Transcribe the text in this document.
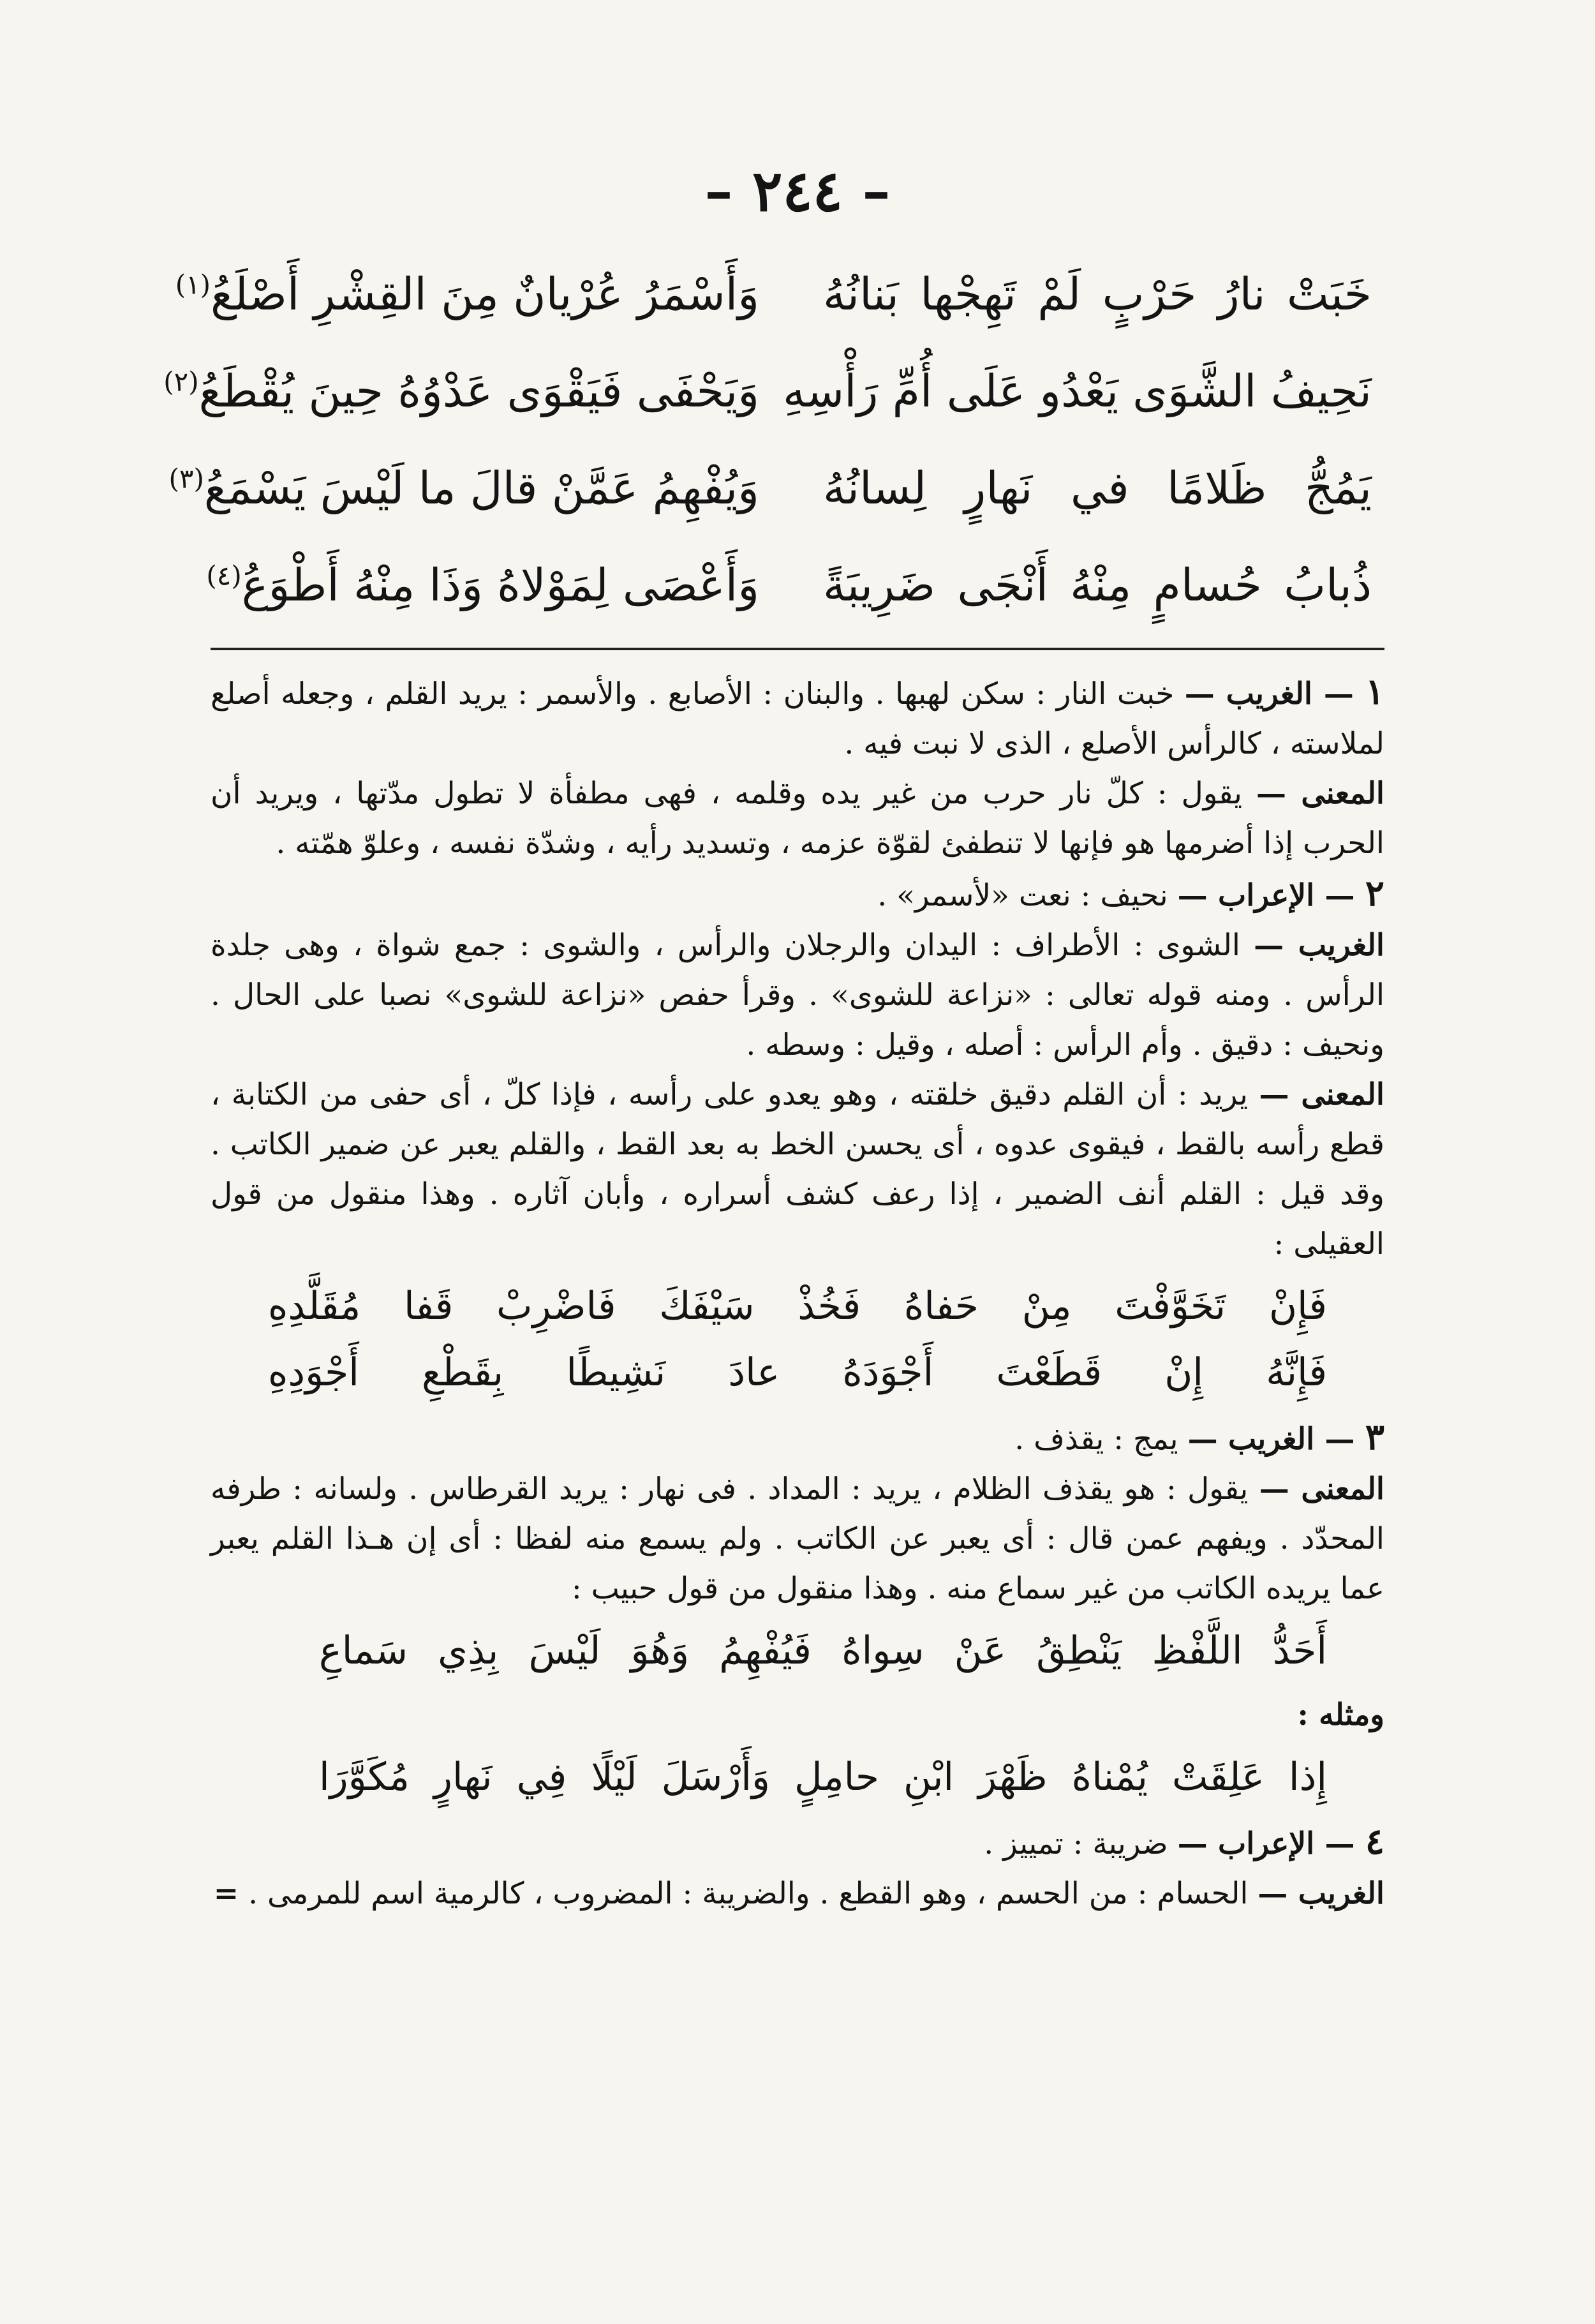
– ٢٤٤ –
خَبَتْ نارُ حَرْبٍ لَمْ تَهِجْها بَنانُهُ
وَأَسْمَرُ عُرْيانٌ مِنَ القِشْرِ أَصْلَعُ$^{(١)}$
نَحِيفُ الشَّوَى يَعْدُو عَلَى أُمِّ رَأْسِهِ
وَيَحْفَى فَيَقْوَى عَدْوُهُ حِينَ يُقْطَعُ$^{(٢)}$
يَمُجُّ ظَلامًا في نَهارٍ لِسانُهُ
وَيُفْهِمُ عَمَّنْ قالَ ما لَيْسَ يَسْمَعُ$^{(٣)}$
ذُبابُ حُسامٍ مِنْهُ أَنْجَى ضَرِيبَةً
وَأَعْصَى لِمَوْلاهُ وَذَا مِنْهُ أَطْوَعُ$^{(٤)}$

١ — الغريب — خبت النار : سكن لهبها . والبنان : الأصابع . والأسمر : يريد القلم ، وجعله أصلع لملاسته ، كالرأس الأصلع ، الذى لا نبت فيه .

المعنى — يقول : كلّ نار حرب من غير يده وقلمه ، فهى مطفأة لا تطول مدّتها ، ويريد أن الحرب إذا أضرمها هو فإنها لا تنطفئ لقوّة عزمه ، وتسديد رأيه ، وشدّة نفسه ، وعلوّ همّته .

٢ — الإعراب — نحيف : نعت «لأسمر» .

الغريب — الشوى : الأطراف : اليدان والرجلان والرأس ، والشوى : جمع شواة ، وهى جلدة الرأس . ومنه قوله تعالى : «نزاعة للشوى» . وقرأ حفص «نزاعة للشوى» نصبا على الحال . ونحيف : دقيق . وأم الرأس : أصله ، وقيل : وسطه .

المعنى — يريد : أن القلم دقيق خلقته ، وهو يعدو على رأسه ، فإذا كلّ ، أى حفى من الكتابة ، قطع رأسه بالقط ، فيقوى عدوه ، أى يحسن الخط به بعد القط ، والقلم يعبر عن ضمير الكاتب . وقد قيل : القلم أنف الضمير ، إذا رعف كشف أسراره ، وأبان آثاره . وهذا منقول من قول العقيلى :

فَإِنْ تَخَوَّفْتَ مِنْ حَفاهُ فَخُذْ سَيْفَكَ فَاضْرِبْ قَفا مُقَلَّدِهِ
فَإِنَّهُ إِنْ قَطَعْتَ أَجْوَدَهُ عادَ نَشِيطًا بِقَطْعِ أَجْوَدِهِ

٣ — الغريب — يمج : يقذف .

المعنى — يقول : هو يقذف الظلام ، يريد : المداد . فى نهار : يريد القرطاس . ولسانه : طرفه المحدّد . ويفهم عمن قال : أى يعبر عن الكاتب . ولم يسمع منه لفظا : أى إن هـذا القلم يعبر عما يريده الكاتب من غير سماع منه . وهذا منقول من قول حبيب :

أَحَدُّ اللَّفْظِ يَنْطِقُ عَنْ سِواهُ فَيُفْهِمُ وَهُوَ لَيْسَ بِذِي سَماعِ

ومثله :

إِذا عَلِقَتْ يُمْناهُ ظَهْرَ ابْنِ حامِلٍ وَأَرْسَلَ لَيْلًا فِي نَهارٍ مُكَوَّرَا

٤ — الإعراب — ضريبة : تمييز .

الغريب — الحسام : من الحسم ، وهو القطع . والضريبة : المضروب ، كالرمية اسم للمرمى . =
